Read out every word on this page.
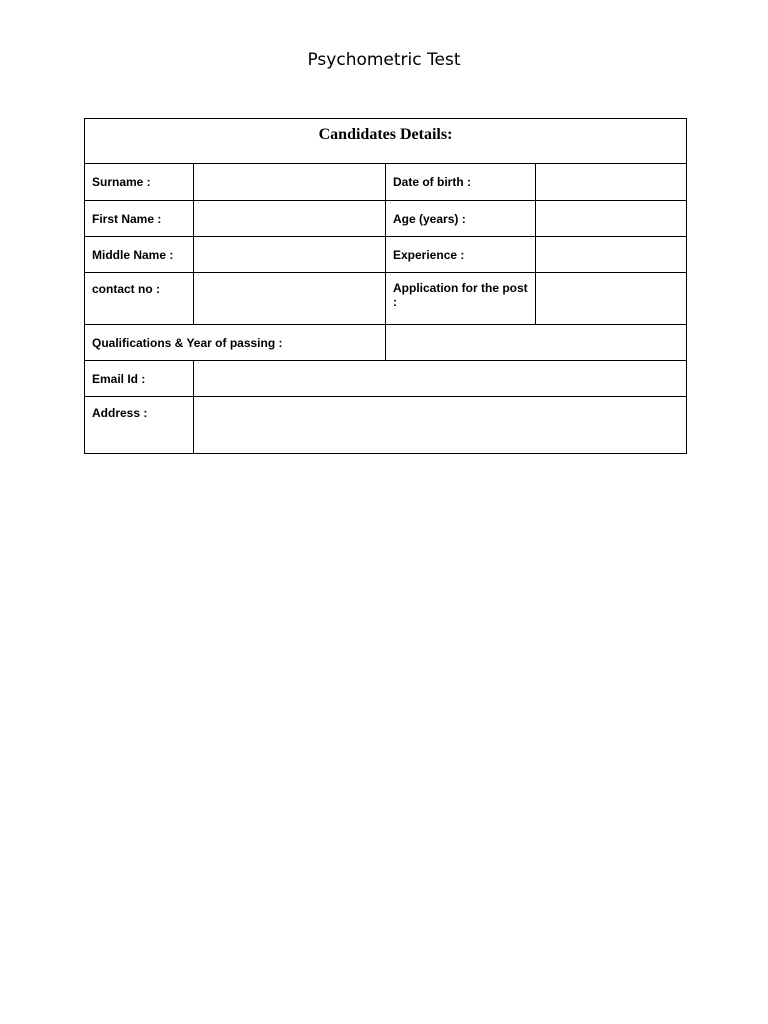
Psychometric Test
Candidates Details:			
Surname :		Date of birth :	

First Name :		Age (years) :	

Middle Name :		Experience :	

contact no :		Application for the post :	

Qualifications & Year of passing :			

Email Id :			

Address :			
